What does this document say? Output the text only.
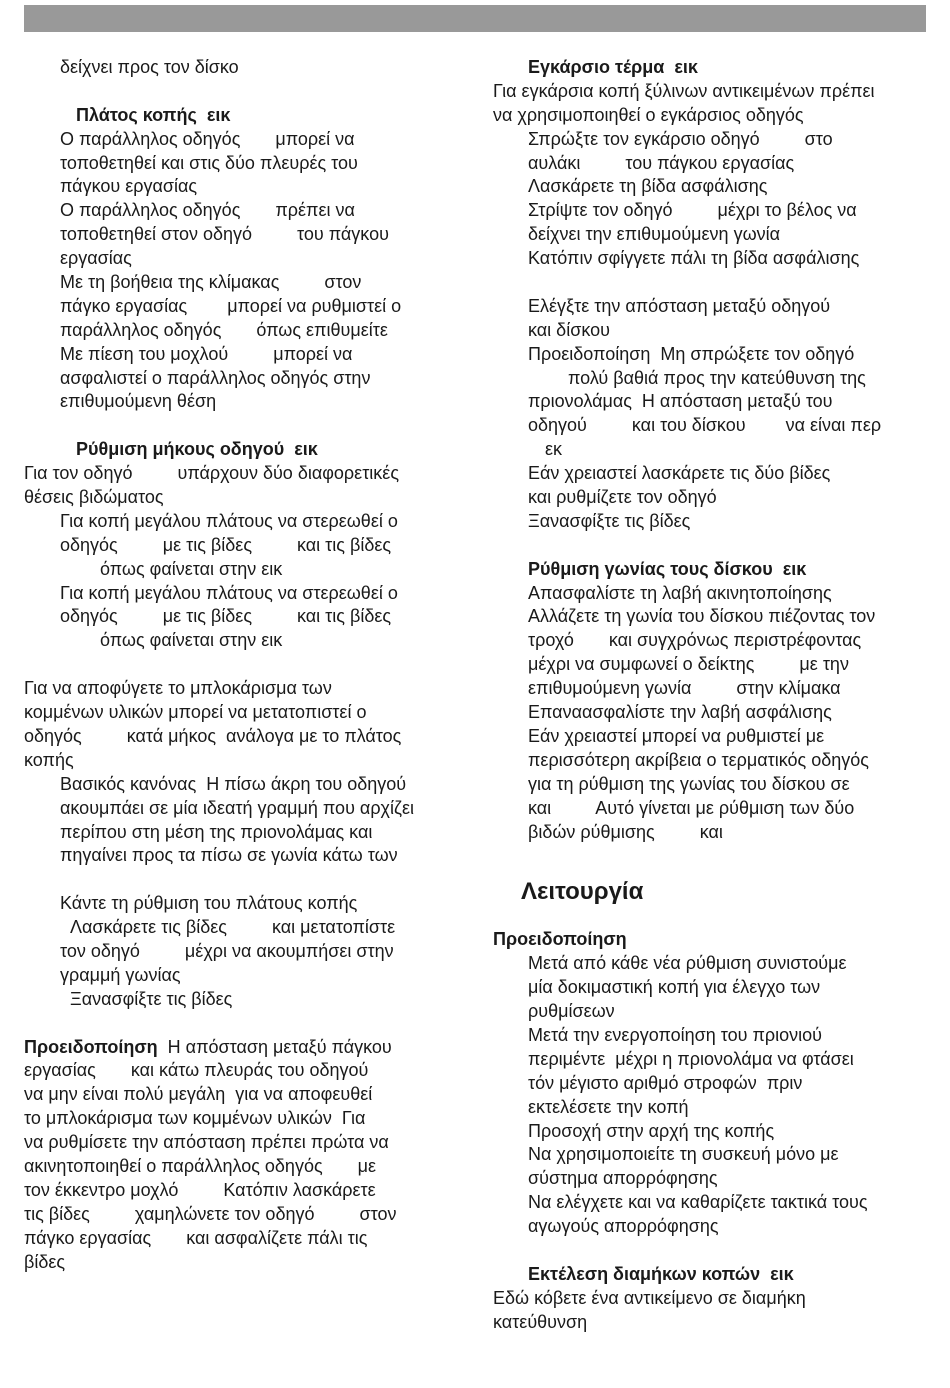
δείχνει προς τον δίσκο
Πλάτος κοπής  εικ
Ο παράλληλος οδηγός       μπορεί να
τοποθετηθεί και στις δύο πλευρές του
πάγκου εργασίας
Ο παράλληλος οδηγός       πρέπει να
τοποθετηθεί στον οδηγό         του πάγκου
εργασίας
Με τη βοήθεια της κλίμακας         στον
πάγκο εργασίας        μπορεί να ρυθμιστεί ο
παράλληλος οδηγός       όπως επιθυμείτε
Με πίεση του μοχλού         μπορεί να
ασφαλιστεί ο παράλληλος οδηγός στην
επιθυμούμενη θέση
Ρύθμιση μήκους οδηγού  εικ
Για τον οδηγό         υπάρχουν δύο διαφορετικές
θέσεις βιδώματος
Για κοπή μεγάλου πλάτους να στερεωθεί ο
οδηγός         με τις βίδες         και τις βίδες
όπως φαίνεται στην εικ
Για κοπή μεγάλου πλάτους να στερεωθεί ο
οδηγός         με τις βίδες         και τις βίδες
όπως φαίνεται στην εικ
Για να αποφύγετε το μπλοκάρισμα των
κομμένων υλικών μπορεί να μετατοπιστεί ο
οδηγός         κατά μήκος  ανάλογα με το πλάτος
κοπής
Βασικός κανόνας  Η πίσω άκρη του οδηγού
ακουμπάει σε μία ιδεατή γραμμή που αρχίζει
περίπου στη μέση της πριονολάμας και
πηγαίνει προς τα πίσω σε γωνία κάτω των
Κάντε τη ρύθμιση του πλάτους κοπής
Λασκάρετε τις βίδες         και μετατοπίστε
τον οδηγό         μέχρι να ακουμπήσει στην
γραμμή γωνίας
Ξανασφίξτε τις βίδες
Προειδοποίηση  Η απόσταση μεταξύ πάγκου
εργασίας       και κάτω πλευράς του οδηγού
να μην είναι πολύ μεγάλη  για να αποφευθεί
το μπλοκάρισμα των κομμένων υλικών  Για
να ρυθμίσετε την απόσταση πρέπει πρώτα να
ακινητοποιηθεί ο παράλληλος οδηγός       με
τον έκκεντρο μοχλό         Κατόπιν λασκάρετε
τις βίδες         χαμηλώνετε τον οδηγό         στον
πάγκο εργασίας       και ασφαλίζετε πάλι τις
βίδες
Εγκάρσιο τέρμα  εικ
Για εγκάρσια κοπή ξύλινων αντικειμένων πρέπει
να χρησιμοποιηθεί ο εγκάρσιος οδηγός
Σπρώξτε τον εγκάρσιο οδηγό         στο
αυλάκι         του πάγκου εργασίας
Λασκάρετε τη βίδα ασφάλισης
Στρίψτε τον οδηγό         μέχρι το βέλος να
δείχνει την επιθυμούμενη γωνία
Κατόπιν σφίγγετε πάλι τη βίδα ασφάλισης
Ελέγξτε την απόσταση μεταξύ οδηγού
και δίσκου
Προειδοποίηση  Μη σπρώξετε τον οδηγό
πολύ βαθιά προς την κατεύθυνση της
πριονολάμας  Η απόσταση μεταξύ του
οδηγού         και του δίσκου        να είναι περ
εκ
Εάν χρειαστεί λασκάρετε τις δύο βίδες
και ρυθμίζετε τον οδηγό
Ξανασφίξτε τις βίδες
Ρύθμιση γωνίας τους δίσκου  εικ
Απασφαλίστε τη λαβή ακινητοποίησης
Αλλάζετε τη γωνία του δίσκου πιέζοντας τον
τροχό       και συγχρόνως περιστρέφοντας
μέχρι να συμφωνεί ο δείκτης         με την
επιθυμούμενη γωνία         στην κλίμακα
Επαναασφαλίστε την λαβή ασφάλισης
Εάν χρειαστεί μπορεί να ρυθμιστεί με
περισσότερη ακρίβεια ο τερματικός οδηγός
για τη ρύθμιση της γωνίας του δίσκου σε
και         Αυτό γίνεται με ρύθμιση των δύο
βιδών ρύθμισης         και
Λειτουργία
Προειδοποίηση
Μετά από κάθε νέα ρύθμιση συνιστούμε
μία δοκιμαστική κοπή για έλεγχο των
ρυθμίσεων
Μετά την ενεργοποίηση του πριονιού
περιμέντε  μέχρι η πριονολάμα να φτάσει
τόν μέγιστο αριθμό στροφών  πριν
εκτελέσετε την κοπή
Προσοχή στην αρχή της κοπής
Να χρησιμοποιείτε τη συσκευή μόνο με
σύστημα απορρόφησης
Να ελέγχετε και να καθαρίζετε τακτικά τους
αγωγούς απορρόφησης
Εκτέλεση διαμήκων κοπών  εικ
Εδώ κόβετε ένα αντικείμενο σε διαμήκη
κατεύθυνση
